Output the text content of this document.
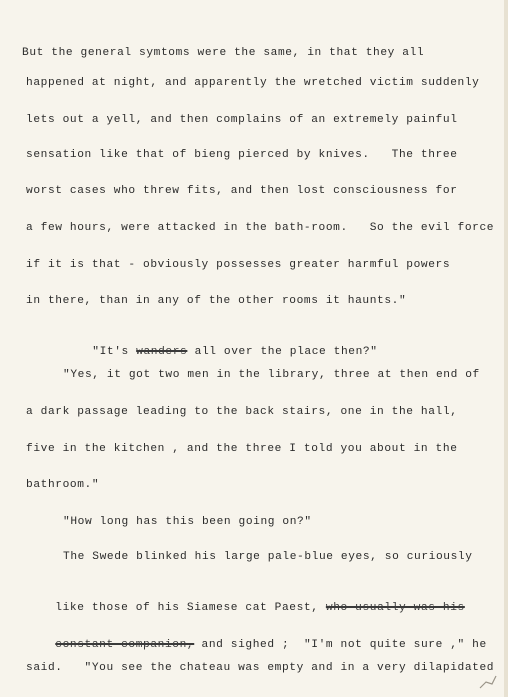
But the general symtoms were the same, in that they all
happened at night, and apparently the wretched victim suddenly
lets out a yell, and then complains of an extremely painful
sensation like that of bieng pierced by knives.   The three
worst cases who threw fits, and then lost consciousness for
a few hours, were attacked in the bath-room.   So the evil force
if it is that - obviously possesses greater harmful powers
in there, than in any of the other rooms it haunts."

"It's wanders all over the place then?"

"Yes, it got two men in the library, three at then end of
a dark passage leading to the back stairs, one in the hall,
five in the kitchen , and the three I told you about in the
bathroom."
"How long has this been going on?"
The Swede blinked his large pale-blue eyes, so curiously

like those of his Siamese cat Paest, who usually was his

constant companion, and sighed ;  "I'm not quite sure ," he

said.   "You see the chateau was empty and in a very dilapidated
